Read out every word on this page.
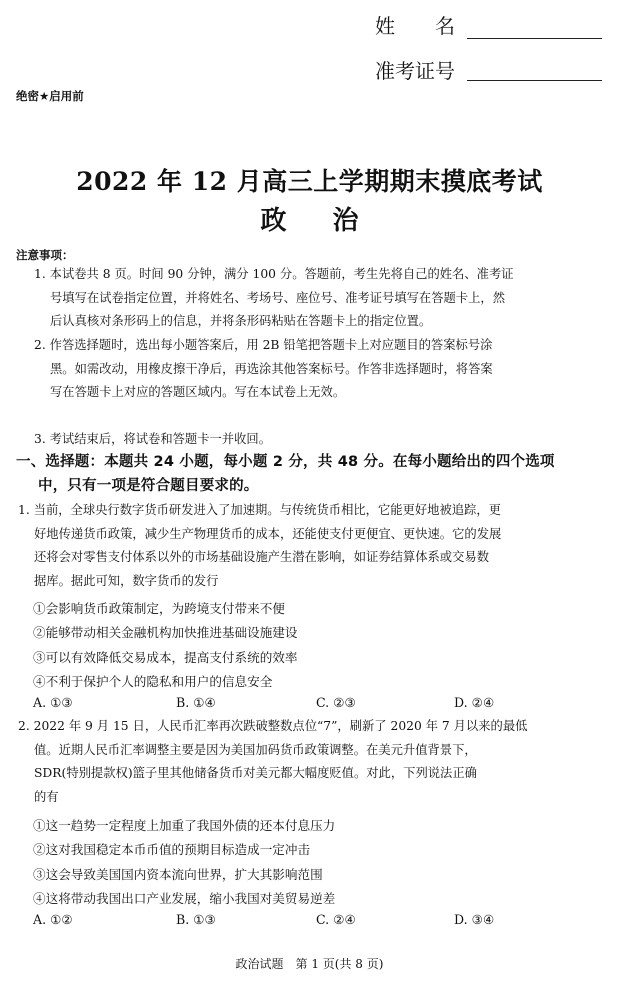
姓　　名
准考证号
绝密★启用前
2022 年 12 月高三上学期期末摸底考试
政治
注意事项：
1. 本试卷共 8 页。时间 90 分钟，满分 100 分。答题前，考生先将自己的姓名、准考证
号填写在试卷指定位置，并将姓名、考场号、座位号、准考证号填写在答题卡上，然
后认真核对条形码上的信息，并将条形码粘贴在答题卡上的指定位置。
2. 作答选择题时，选出每小题答案后，用 2B 铅笔把答题卡上对应题目的答案标号涂
黑。如需改动，用橡皮擦干净后，再选涂其他答案标号。作答非选择题时，将答案
写在答题卡上对应的答题区域内。写在本试卷上无效。
3. 考试结束后，将试卷和答题卡一并收回。
一、选择题：本题共 24 小题，每小题 2 分，共 48 分。在每小题给出的四个选项
中，只有一项是符合题目要求的。
1. 当前，全球央行数字货币研发进入了加速期。与传统货币相比，它能更好地被追踪，更
好地传递货币政策，减少生产物理货币的成本，还能使支付更便宜、更快速。它的发展
还将会对零售支付体系以外的市场基础设施产生潜在影响，如证券结算体系或交易数
据库。据此可知，数字货币的发行
①会影响货币政策制定，为跨境支付带来不便
②能够带动相关金融机构加快推进基础设施建设
③可以有效降低交易成本，提高支付系统的效率
④不利于保护个人的隐私和用户的信息安全
A. ①③	B. ①④	C. ②③	D. ②④
2. 2022 年 9 月 15 日，人民币汇率再次跌破整数点位“7”，刷新了 2020 年 7 月以来的最低
值。近期人民币汇率调整主要是因为美国加码货币政策调整。在美元升值背景下，
SDR(特别提款权)篮子里其他储备货币对美元都大幅度贬值。对此，下列说法正确
的有
①这一趋势一定程度上加重了我国外债的还本付息压力
②这对我国稳定本币币值的预期目标造成一定冲击
③这会导致美国国内资本流向世界，扩大其影响范围
④这将带动我国出口产业发展，缩小我国对美贸易逆差
A. ①②	B. ①③	C. ②④	D. ③④
政治试题　第 1 页(共 8 页)
